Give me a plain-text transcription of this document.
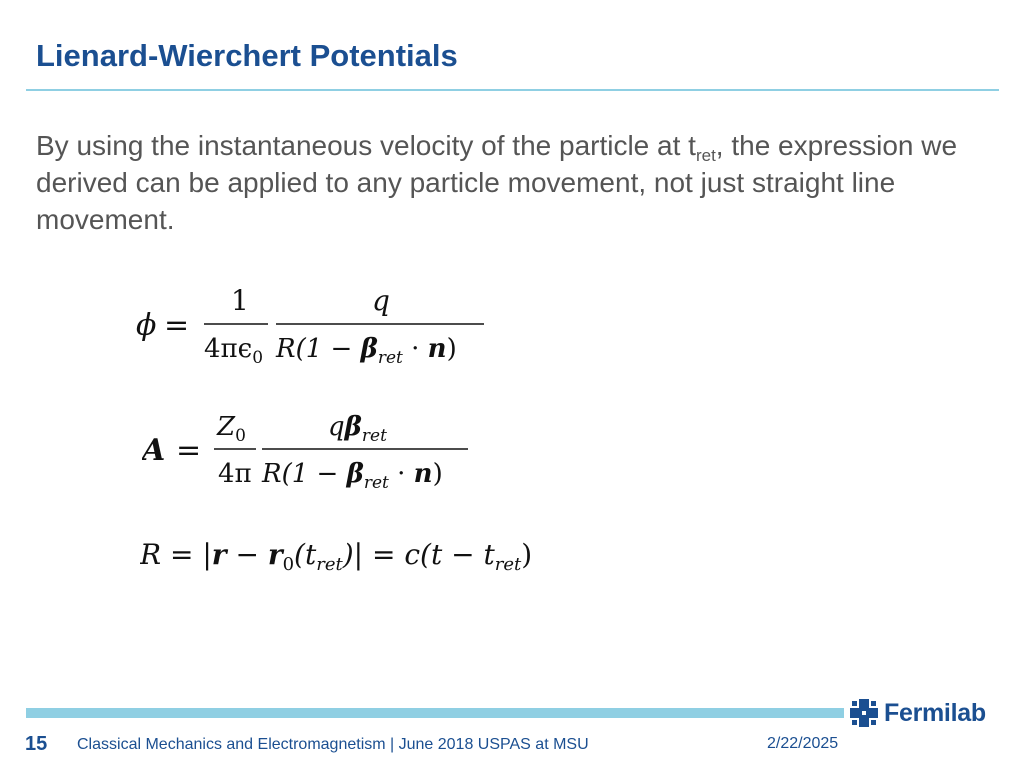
Lienard-Wierchert Potentials
By using the instantaneous velocity of the particle at $t_{ret}$, the expression we derived can be applied to any particle movement, not just straight line movement.
ϕ =
1
$4\pi\epsilon_0$
q
$R(1 - \beta_{ret} \cdot n)$
A =
$Z_0$
4π
$q\beta_{ret}$
$R(1 - \beta_{ret} \cdot n)$
$R = |r - r_0(t_{ret})| = c(t - t_{ret})$
Fermilab
15 Classical Mechanics and Electromagnetism | June 2018 USPAS at MSU	2/22/2025
